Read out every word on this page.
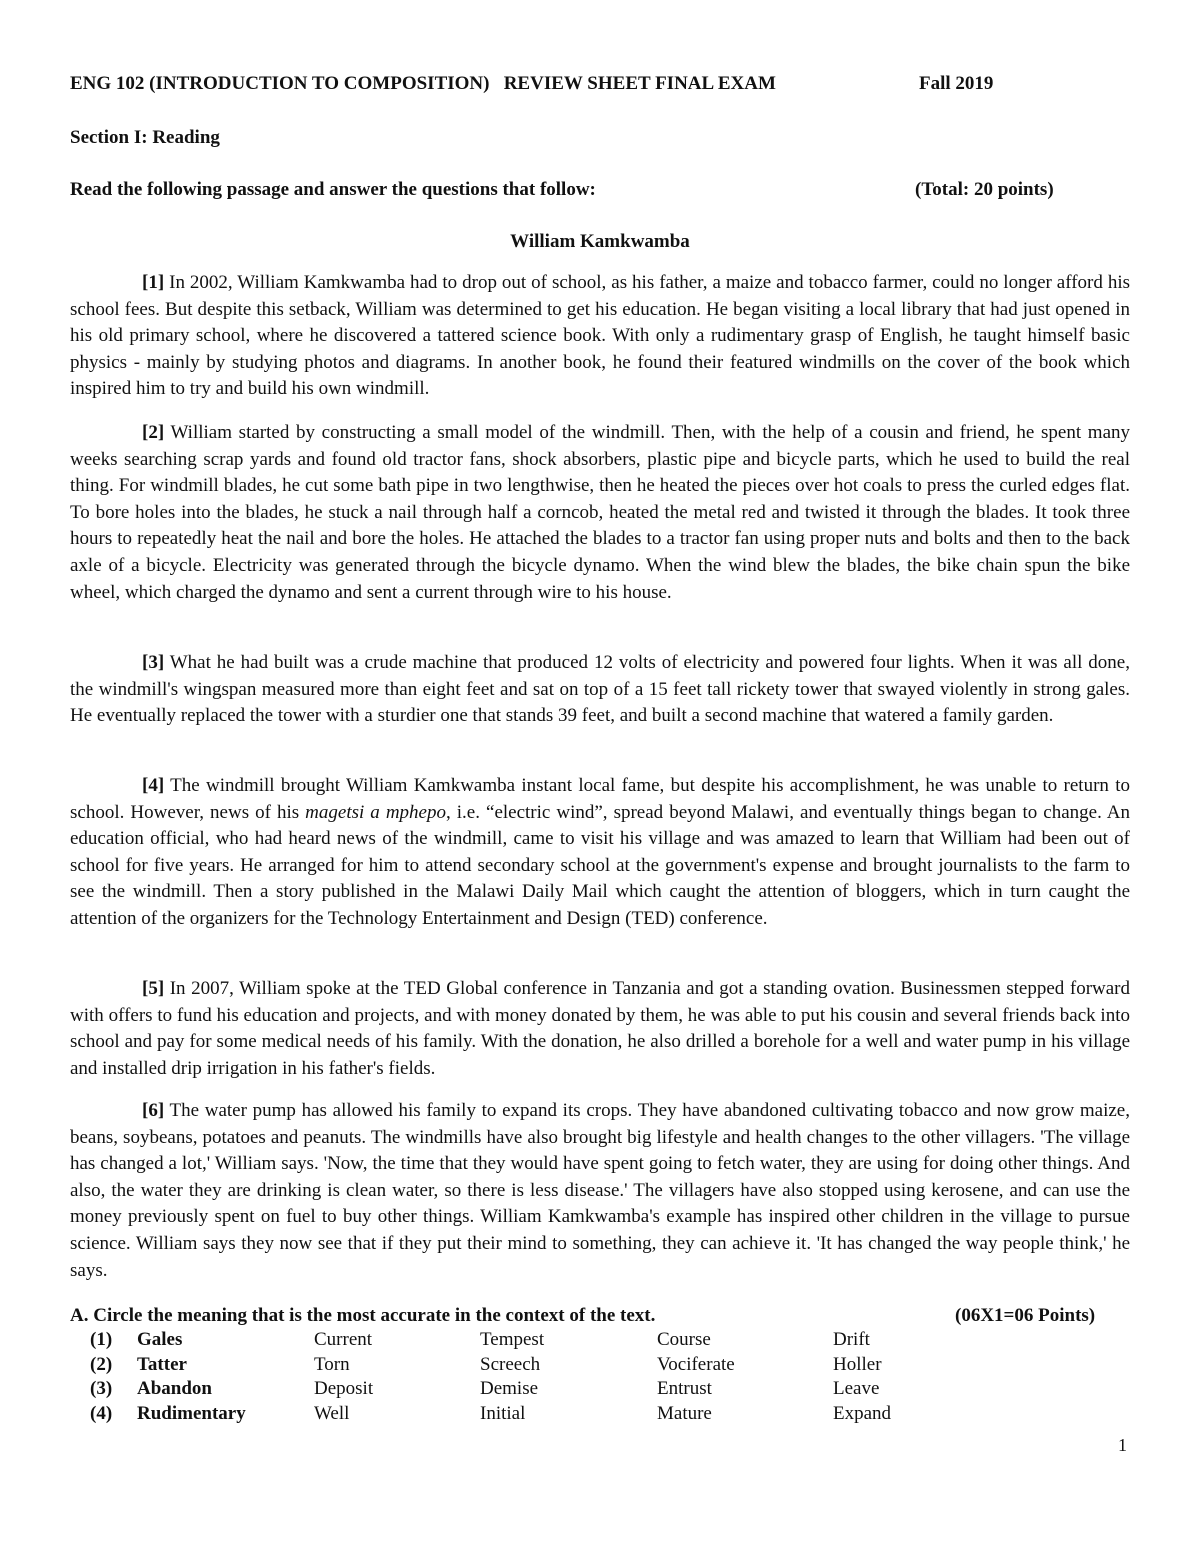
ENG 102 (INTRODUCTION TO COMPOSITION)   REVIEW SHEET FINAL EXAM	Fall 2019
Section I: Reading
Read the following passage and answer the questions that follow:	(Total: 20 points)
William Kamkwamba
[1] In 2002, William Kamkwamba had to drop out of school, as his father, a maize and tobacco farmer, could no longer afford his school fees. But despite this setback, William was determined to get his education. He began visiting a local library that had just opened in his old primary school, where he discovered a tattered science book. With only a rudimentary grasp of English, he taught himself basic physics - mainly by studying photos and diagrams. In another book, he found their featured windmills on the cover of the book which inspired him to try and build his own windmill.
[2] William started by constructing a small model of the windmill. Then, with the help of a cousin and friend, he spent many weeks searching scrap yards and found old tractor fans, shock absorbers, plastic pipe and bicycle parts, which he used to build the real thing. For windmill blades, he cut some bath pipe in two lengthwise, then he heated the pieces over hot coals to press the curled edges flat. To bore holes into the blades, he stuck a nail through half a corncob, heated the metal red and twisted it through the blades. It took three hours to repeatedly heat the nail and bore the holes. He attached the blades to a tractor fan using proper nuts and bolts and then to the back axle of a bicycle. Electricity was generated through the bicycle dynamo. When the wind blew the blades, the bike chain spun the bike wheel, which charged the dynamo and sent a current through wire to his house.
[3] What he had built was a crude machine that produced 12 volts of electricity and powered four lights. When it was all done, the windmill's wingspan measured more than eight feet and sat on top of a 15 feet tall rickety tower that swayed violently in strong gales. He eventually replaced the tower with a sturdier one that stands 39 feet, and built a second machine that watered a family garden.
[4] The windmill brought William Kamkwamba instant local fame, but despite his accomplishment, he was unable to return to school. However, news of his magetsi a mphepo, i.e. “electric wind”, spread beyond Malawi, and eventually things began to change. An education official, who had heard news of the windmill, came to visit his village and was amazed to learn that William had been out of school for five years. He arranged for him to attend secondary school at the government's expense and brought journalists to the farm to see the windmill. Then a story published in the Malawi Daily Mail which caught the attention of bloggers, which in turn caught the attention of the organizers for the Technology Entertainment and Design (TED) conference.
[5] In 2007, William spoke at the TED Global conference in Tanzania and got a standing ovation. Businessmen stepped forward with offers to fund his education and projects, and with money donated by them, he was able to put his cousin and several friends back into school and pay for some medical needs of his family. With the donation, he also drilled a borehole for a well and water pump in his village and installed drip irrigation in his father's fields.
[6] The water pump has allowed his family to expand its crops. They have abandoned cultivating tobacco and now grow maize, beans, soybeans, potatoes and peanuts. The windmills have also brought big lifestyle and health changes to the other villagers. 'The village has changed a lot,' William says. 'Now, the time that they would have spent going to fetch water, they are using for doing other things. And also, the water they are drinking is clean water, so there is less disease.' The villagers have also stopped using kerosene, and can use the money previously spent on fuel to buy other things. William Kamkwamba's example has inspired other children in the village to pursue science. William says they now see that if they put their mind to something, they can achieve it. 'It has changed the way people think,' he says.
A. Circle the meaning that is the most accurate in the context of the text.	(06X1=06 Points)
(1) Gales	Current	Tempest	Course	Drift
(2) Tatter	Torn	Screech	Vociferate	Holler
(3) Abandon	Deposit	Demise	Entrust	Leave
(4) Rudimentary	Well	Initial	Mature	Expand
1
